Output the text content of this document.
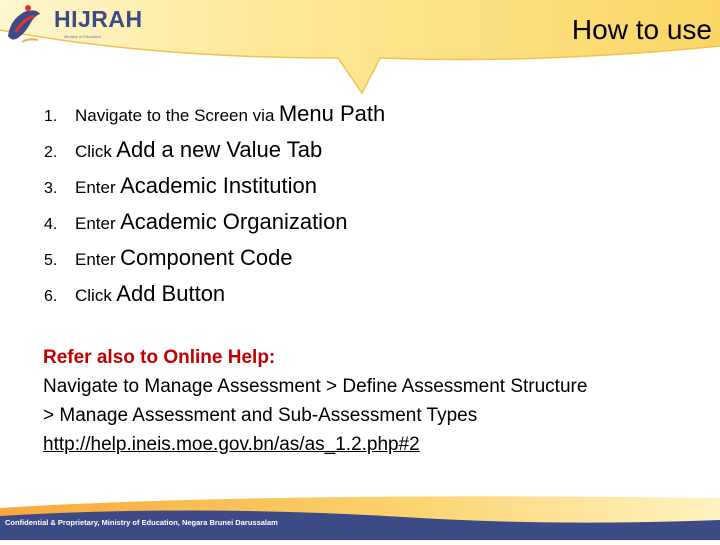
HIJRAH
Ministry of Education	How to use
1. Navigate to the Screen via Menu Path
2. Click Add a new Value Tab
3. Enter Academic Institution
4. Enter Academic Organization
5. Enter Component Code
6. Click Add Button
Refer also to Online Help:
Navigate to Manage Assessment > Define Assessment Structure
> Manage Assessment and Sub-Assessment Types
http://help.ineis.moe.gov.bn/as/as_1.2.php#2
Confidential & Proprietary, Ministry of Education, Negara Brunei Darussalam
